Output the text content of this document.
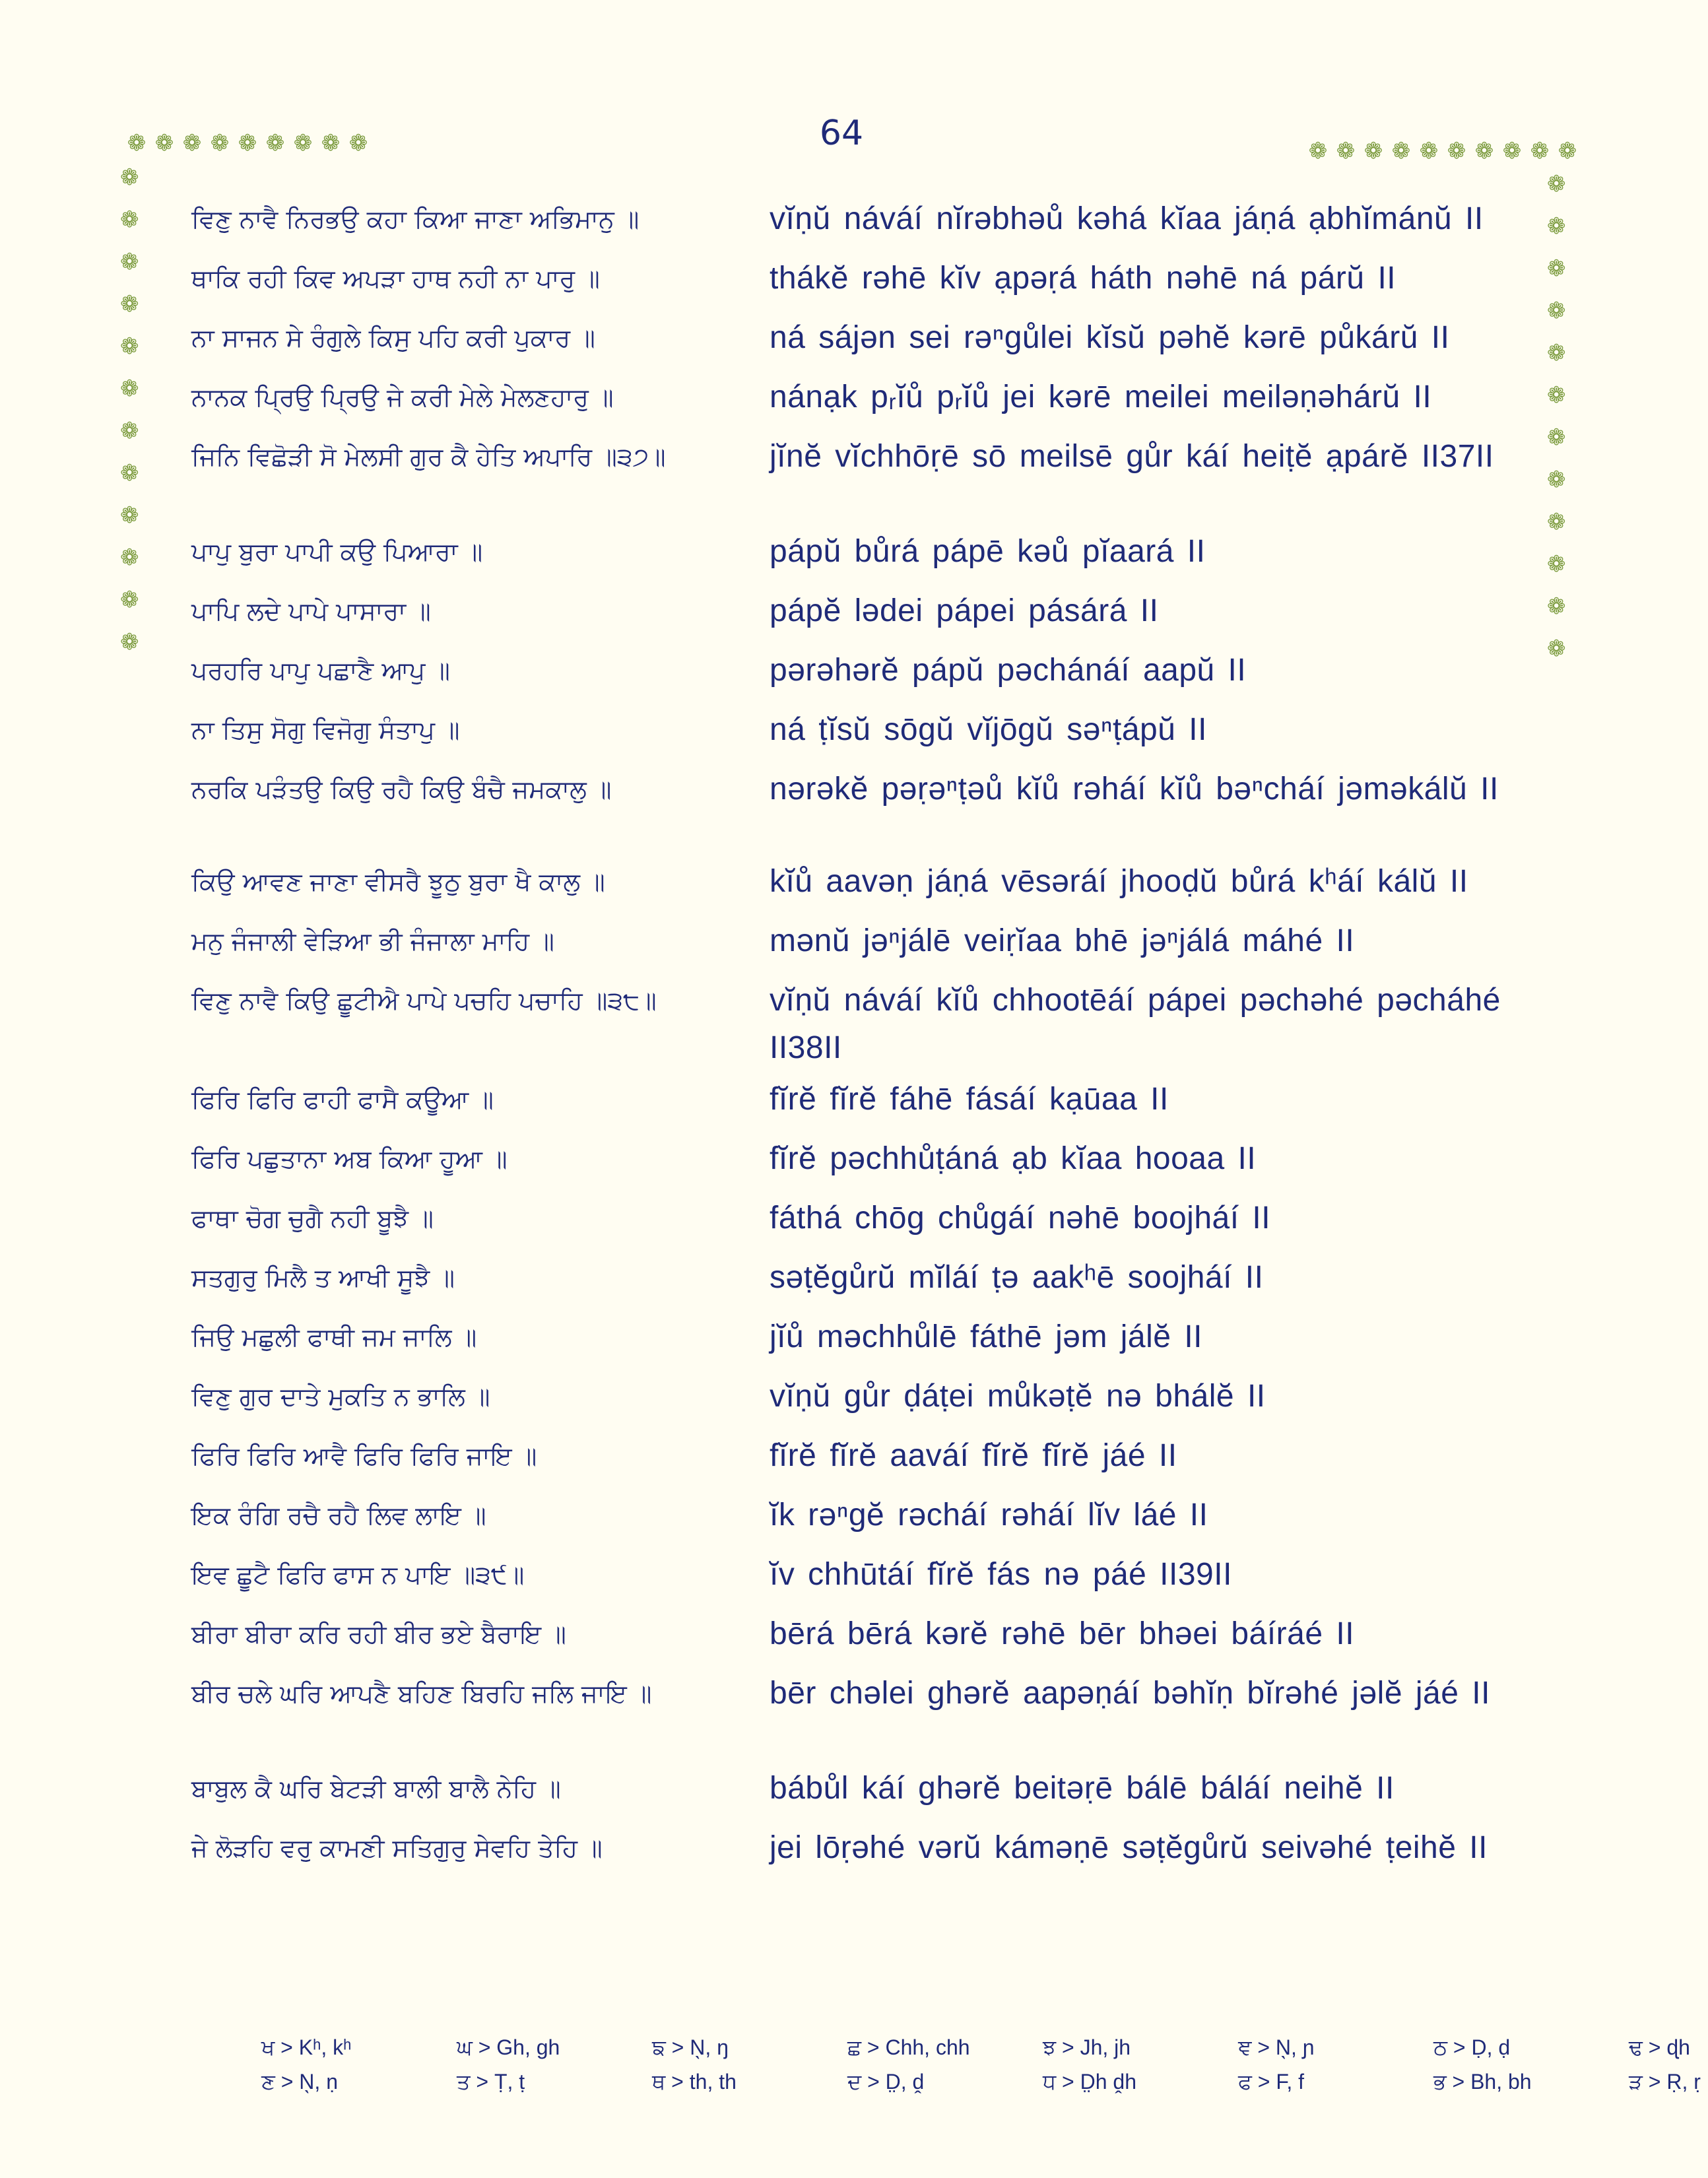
64
❁ ❁ ❁ ❁ ❁ ❁ ❁ ❁ ❁
❁
❁
❁
❁
❁
❁
❁
❁
❁
❁
❁
❁
❁ ❁ ❁ ❁ ❁ ❁ ❁ ❁ ❁ ❁
❁
❁
❁
❁
❁
❁
❁
❁
❁
❁
❁
❁
ਵਿਣੁ ਨਾਵੈ ਨਿਰਭਉ ਕਹਾ ਕਿਆ ਜਾਣਾ ਅਭਿਮਾਨੁ ॥	vĭṇŭ náváí nĭrəbhəů kəhá kĭaa jáṇá ạbhĭmánŭ II
ਥਾਕਿ ਰਹੀ ਕਿਵ ਅਪੜਾ ਹਾਥ ਨਹੀ ਨਾ ਪਾਰੁ ॥	thákĕ rəhē kĭv ạpəṛá háth nəhē ná párŭ II
ਨਾ ਸਾਜਨ ਸੇ ਰੰਗੁਲੇ ਕਿਸੁ ਪਹਿ ਕਰੀ ਪੁਕਾਰ ॥	ná sájən sei rəⁿgůlei kĭsŭ pəhĕ kərē půkárŭ II
ਨਾਨਕ ਪ੍ਰਿਉ ਪ੍ਰਿਉ ਜੇ ਕਰੀ ਮੇਲੇ ਮੇਲਣਹਾਰੁ ॥	nánạk pᵣĭů pᵣĭů jei kərē meilei meiləṇəhárŭ II
ਜਿਨਿ ਵਿਛੋੜੀ ਸੋ ਮੇਲਸੀ ਗੁਰ ਕੈ ਹੇਤਿ ਅਪਾਰਿ ॥੩੭॥	jĭnĕ vĭchhōṛē sō meilsē gůr káí heiṭĕ ạpárĕ II37II
ਪਾਪੁ ਬੁਰਾ ਪਾਪੀ ਕਉ ਪਿਆਰਾ ॥	pápŭ bůrá pápē kəů pĭaará II
ਪਾਪਿ ਲਦੇ ਪਾਪੇ ਪਾਸਾਰਾ ॥	pápĕ lədei pápei pásárá II
ਪਰਹਰਿ ਪਾਪੁ ਪਛਾਣੈ ਆਪੁ ॥	pərəhərĕ pápŭ pəchánáí aapŭ II
ਨਾ ਤਿਸੁ ਸੋਗੁ ਵਿਜੋਗੁ ਸੰਤਾਪੁ ॥	ná ṭĭsŭ sōgŭ vĭjōgŭ səⁿṭápŭ II
ਨਰਕਿ ਪੜੰਤਉ ਕਿਉ ਰਹੈ ਕਿਉ ਬੰਚੈ ਜਮਕਾਲੁ ॥	nərəkĕ pəṛəⁿṭəů kĭů rəháí kĭů bəⁿcháí jəməkálŭ II
ਕਿਉ ਆਵਣ ਜਾਣਾ ਵੀਸਰੈ ਝੂਠੁ ਬੁਰਾ ਖੈ ਕਾਲੁ ॥	kĭů aavəṇ jáṇá vēsəráí jhooḍŭ bůrá kʰáí kálŭ II
ਮਨੁ ਜੰਜਾਲੀ ਵੇੜਿਆ ਭੀ ਜੰਜਾਲਾ ਮਾਹਿ ॥	mənŭ jəⁿjálē veiṛĭaa bhē jəⁿjálá máhé II
ਵਿਣੁ ਨਾਵੈ ਕਿਉ ਛੂਟੀਐ ਪਾਪੇ ਪਚਹਿ ਪਚਾਹਿ ॥੩੮॥	vĭṇŭ náváí kĭů chhootēáí pápei pəchəhé pəcháhé II38II
ਫਿਰਿ ਫਿਰਿ ਫਾਹੀ ਫਾਸੈ ਕਊਆ ॥	fĭrĕ fĭrĕ fáhē fásáí kạūaa II
ਫਿਰਿ ਪਛੁਤਾਨਾ ਅਬ ਕਿਆ ਹੂਆ ॥	fĭrĕ pəchhůṭáná ạb kĭaa hooaa II
ਫਾਥਾ ਚੋਗ ਚੁਗੈ ਨਹੀ ਬੂਝੈ ॥	fáthá chōg chůgáí nəhē boojháí II
ਸਤਗੁਰੁ ਮਿਲੈ ਤ ਆਖੀ ਸੂਝੈ ॥	səṭĕgůrŭ mĭláí ṭə aakʰē soojháí II
ਜਿਉ ਮਛੁਲੀ ਫਾਥੀ ਜਮ ਜਾਲਿ ॥	jĭů məchhůlē fáthē jəm jálĕ II
ਵਿਣੁ ਗੁਰ ਦਾਤੇ ਮੁਕਤਿ ਨ ਭਾਲਿ ॥	vĭṇŭ gůr ḍáṭei můkəṭĕ nə bhálĕ II
ਫਿਰਿ ਫਿਰਿ ਆਵੈ ਫਿਰਿ ਫਿਰਿ ਜਾਇ ॥	fĭrĕ fĭrĕ aaváí fĭrĕ fĭrĕ jáé II
ਇਕ ਰੰਗਿ ਰਚੈ ਰਹੈ ਲਿਵ ਲਾਇ ॥	ĭk rəⁿgĕ rəcháí rəháí lĭv láé II
ਇਵ ਛੂਟੈ ਫਿਰਿ ਫਾਸ ਨ ਪਾਇ ॥੩੯॥	ĭv chhūtáí fĭrĕ fás nə páé II39II
ਬੀਰਾ ਬੀਰਾ ਕਰਿ ਰਹੀ ਬੀਰ ਭਏ ਬੈਰਾਇ ॥	bērá bērá kərĕ rəhē bēr bhəei báíráé II
ਬੀਰ ਚਲੇ ਘਰਿ ਆਪਣੈ ਬਹਿਣ ਬਿਰਹਿ ਜਲਿ ਜਾਇ ॥	bēr chəlei ghərĕ aapəṇáí bəhĭṇ bĭrəhé jəlĕ jáé II
ਬਾਬੁਲ ਕੈ ਘਰਿ ਬੇਟੜੀ ਬਾਲੀ ਬਾਲੈ ਨੇਹਿ ॥	bábůl káí ghərĕ beitəṛē bálē báláí neihĕ II
ਜੇ ਲੋੜਹਿ ਵਰੁ ਕਾਮਣੀ ਸਤਿਗੁਰੁ ਸੇਵਹਿ ਤੇਹਿ ॥	jei lōṛəhé vərŭ káməṇē səṭĕgůrŭ seivəhé ṭeihĕ II
ਖ > Kʰ, kʰ	ਘ > Gh, gh	ਙ > N̖, ŋ	ਛ > Chh, chh	ਝ > Jh, jh	ਞ > N̖, ɲ	ਠ > Ḍ, ḍ	ਢ > ɖh
ਣ > N̖, ṇ	ਤ > Ṭ, ṭ	ਥ > th, th	ਦ > D̤, ḓ	ਧ > D̤h ḓh	ਫ > F, f	ਭ > Bh, bh	ੜ > Ṛ, ṛ
